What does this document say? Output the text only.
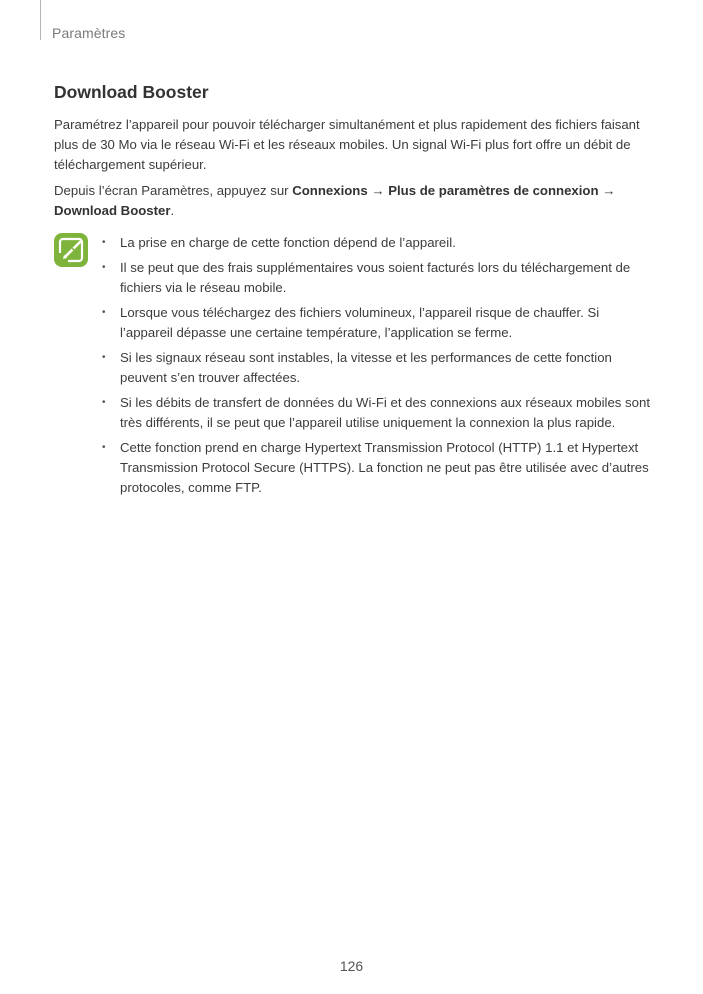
Paramètres
Download Booster

Paramétrez l’appareil pour pouvoir télécharger simultanément et plus rapidement des fichiers faisant plus de 30 Mo via le réseau Wi-Fi et les réseaux mobiles. Un signal Wi-Fi plus fort offre un débit de téléchargement supérieur.

Depuis l’écran Paramètres, appuyez sur Connexions → Plus de paramètres de connexion → Download Booster.

• La prise en charge de cette fonction dépend de l’appareil.
• Il se peut que des frais supplémentaires vous soient facturés lors du téléchargement de fichiers via le réseau mobile.
• Lorsque vous téléchargez des fichiers volumineux, l’appareil risque de chauffer. Si l’appareil dépasse une certaine température, l’application se ferme.
• Si les signaux réseau sont instables, la vitesse et les performances de cette fonction peuvent s’en trouver affectées.
• Si les débits de transfert de données du Wi-Fi et des connexions aux réseaux mobiles sont très différents, il se peut que l’appareil utilise uniquement la connexion la plus rapide.
• Cette fonction prend en charge Hypertext Transmission Protocol (HTTP) 1.1 et Hypertext Transmission Protocol Secure (HTTPS). La fonction ne peut pas être utilisée avec d’autres protocoles, comme FTP.
126
